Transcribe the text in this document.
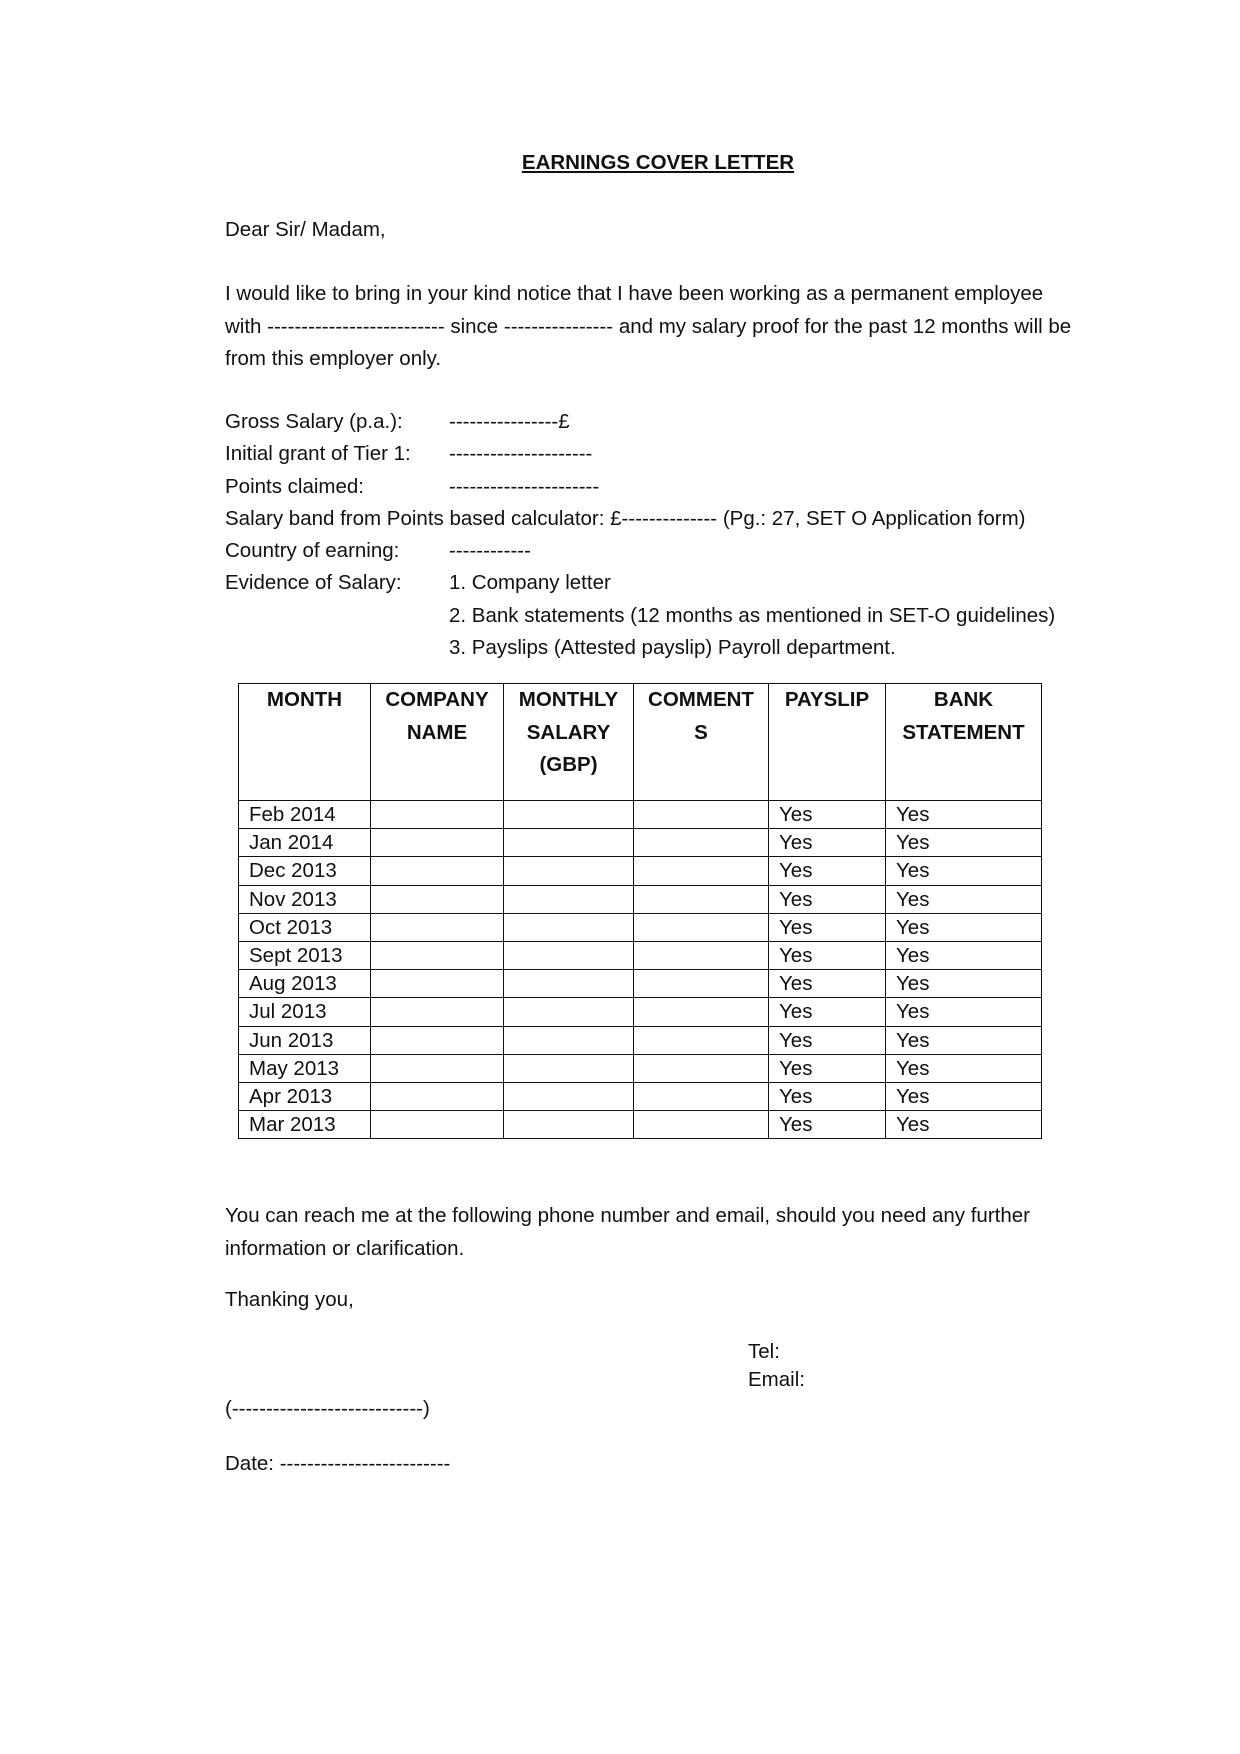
EARNINGS COVER LETTER
Dear Sir/ Madam,
I would like to bring in your kind notice that I have been working as a permanent employee with -------------------------- since ---------------- and my salary proof for the past 12 months will be from this employer only.
Gross Salary (p.a.):	----------------£
Initial grant of Tier 1:	---------------------
Points claimed:	----------------------
Salary band from Points based calculator: £-------------- (Pg.: 27, SET O Application form)
Country of earning:	------------
Evidence of Salary:	1. Company letter
2. Bank statements (12 months as mentioned in SET-O guidelines)
3. Payslips (Attested payslip) Payroll department.
MONTH	COMPANY NAME	MONTHLY SALARY (GBP)	COMMENT S	PAYSLIP	BANK STATEMENT
Feb 2014				Yes	Yes
Jan 2014				Yes	Yes
Dec 2013				Yes	Yes
Nov 2013				Yes	Yes
Oct 2013				Yes	Yes
Sept 2013				Yes	Yes
Aug 2013				Yes	Yes
Jul 2013				Yes	Yes
Jun 2013				Yes	Yes
May 2013				Yes	Yes
Apr 2013				Yes	Yes
Mar 2013				Yes	Yes
You can reach me at the following phone number and email, should you need any further information or clarification.
Thanking you,
Tel:
Email:
(----------------------------)
Date: -------------------------
